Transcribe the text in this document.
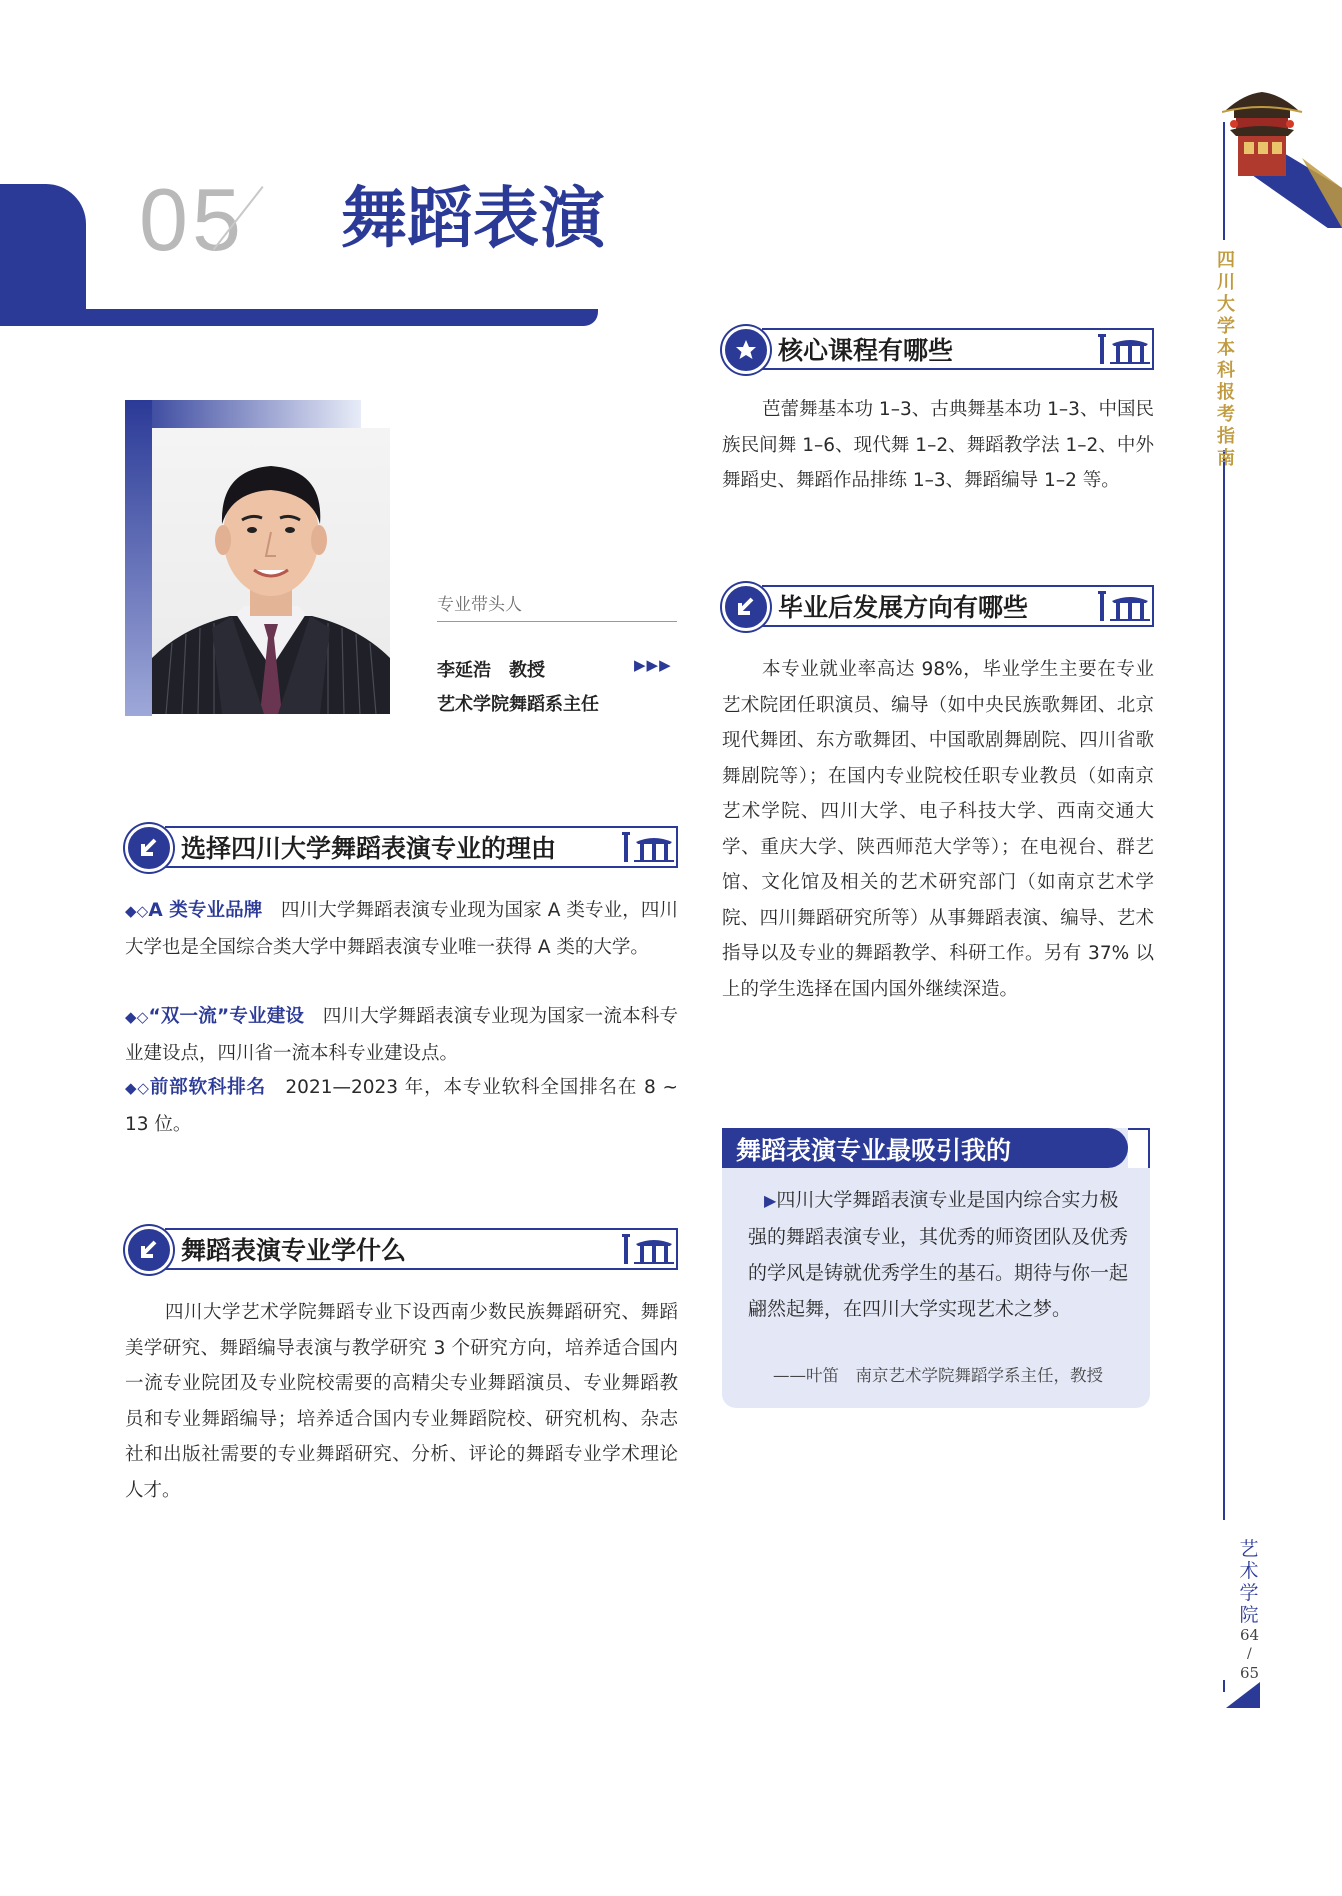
05 舞蹈表演
四川大学本科报考指南
艺术学院
64
/
65
专业带头人
李延浩　教授	▶▶▶
艺术学院舞蹈系主任
选择四川大学舞蹈表演专业的理由
◆◇A 类专业品牌　四川大学舞蹈表演专业现为国家 A 类专业，四川大学也是全国综合类大学中舞蹈表演专业唯一获得 A 类的大学。
◆◇“双一流”专业建设　四川大学舞蹈表演专业现为国家一流本科专业建设点，四川省一流本科专业建设点。
◆◇前部软科排名　2021—2023 年，本专业软科全国排名在 8 ~ 13 位。
舞蹈表演专业学什么
四川大学艺术学院舞蹈专业下设西南少数民族舞蹈研究、舞蹈美学研究、舞蹈编导表演与教学研究 3 个研究方向，培养适合国内一流专业院团及专业院校需要的高精尖专业舞蹈演员、专业舞蹈教员和专业舞蹈编导；培养适合国内专业舞蹈院校、研究机构、杂志社和出版社需要的专业舞蹈研究、分析、评论的舞蹈专业学术理论人才。
核心课程有哪些
芭蕾舞基本功 1–3、古典舞基本功 1–3、中国民族民间舞 1–6、现代舞 1–2、舞蹈教学法 1–2、中外舞蹈史、舞蹈作品排练 1–3、舞蹈编导 1–2 等。
毕业后发展方向有哪些
本专业就业率高达 98%，毕业学生主要在专业艺术院团任职演员、编导（如中央民族歌舞团、北京现代舞团、东方歌舞团、中国歌剧舞剧院、四川省歌舞剧院等）；在国内专业院校任职专业教员（如南京艺术学院、四川大学、电子科技大学、西南交通大学、重庆大学、陕西师范大学等）；在电视台、群艺馆、文化馆及相关的艺术研究部门（如南京艺术学院、四川舞蹈研究所等）从事舞蹈表演、编导、艺术指导以及专业的舞蹈教学、科研工作。另有 37% 以上的学生选择在国内国外继续深造。
舞蹈表演专业最吸引我的
▶四川大学舞蹈表演专业是国内综合实力极强的舞蹈表演专业，其优秀的师资团队及优秀的学风是铸就优秀学生的基石。期待与你一起翩然起舞，在四川大学实现艺术之梦。
——叶笛　南京艺术学院舞蹈学系主任，教授
